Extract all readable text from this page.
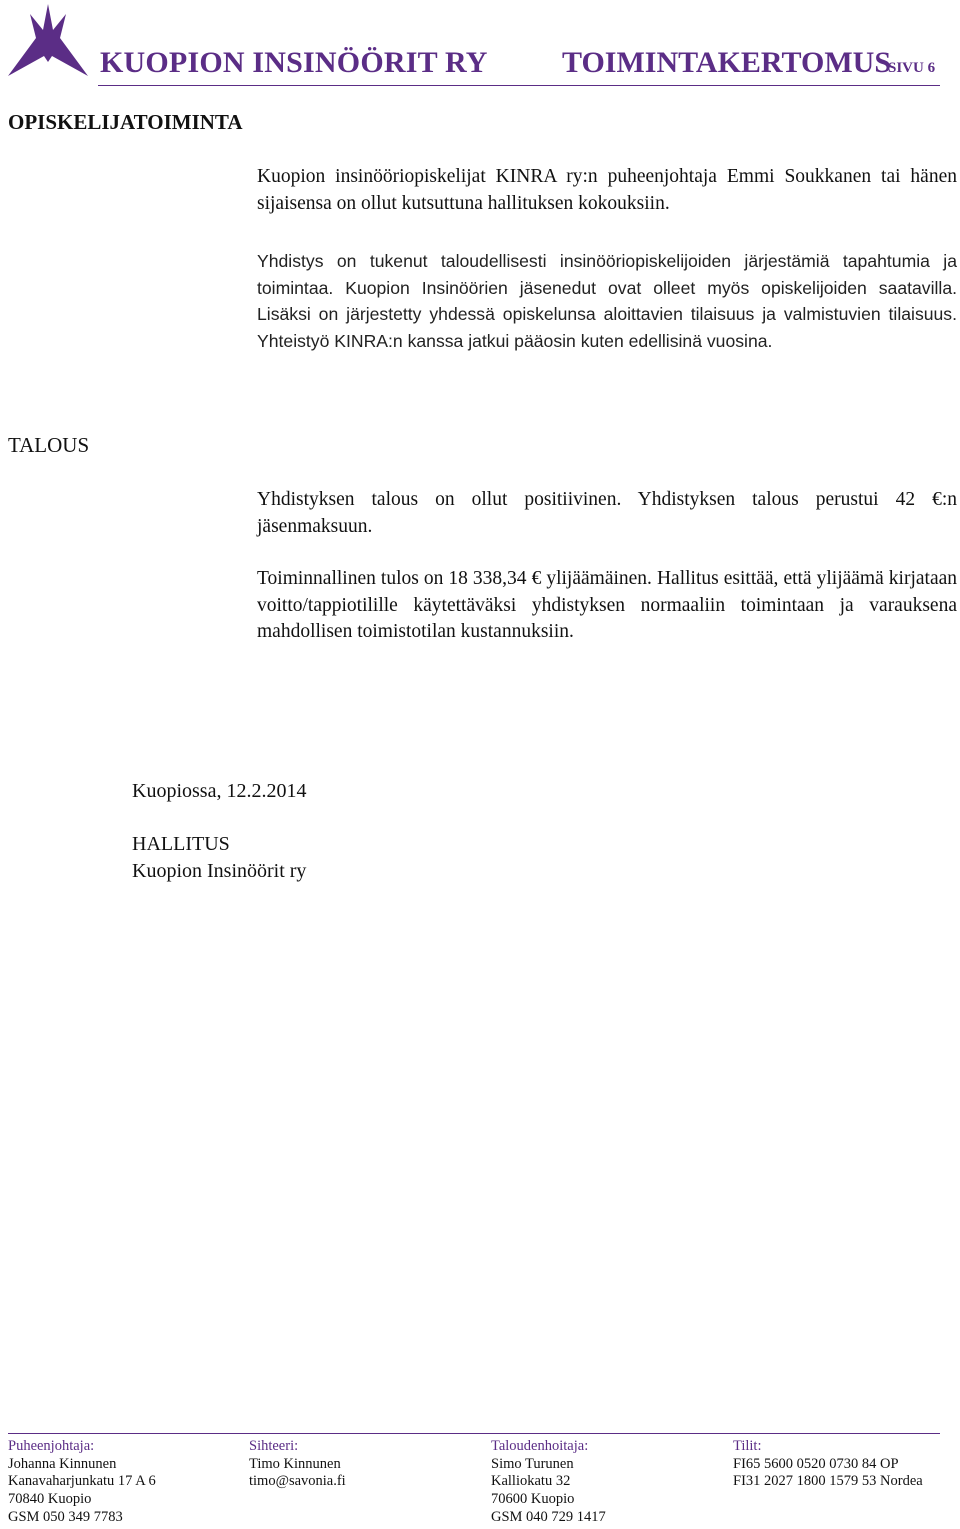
KUOPION INSINÖÖRIT RY TOIMINTAKERTOMUS
SIVU 6
OPISKELIJATOIMINTA

Kuopion insinööriopiskelijat KINRA ry:n puheenjohtaja Emmi Soukkanen tai hänen sijaisensa on ollut kutsuttuna hallituksen kokouksiin.

Yhdistys on tukenut taloudellisesti insinööriopiskelijoiden järjestämiä tapahtumia ja toimintaa. Kuopion Insinöörien jäsenedut ovat olleet myös opiskelijoiden saatavilla. Lisäksi on järjestetty yhdessä opiskelunsa aloittavien tilaisuus ja valmistuvien tilaisuus. Yhteistyö KINRA:n kanssa jatkui pääosin kuten edellisinä vuosina.

TALOUS

Yhdistyksen talous on ollut positiivinen. Yhdistyksen talous perustui 42 €:n jäsenmaksuun.

Toiminnallinen tulos on 18 338,34 € ylijäämäinen. Hallitus esittää, että ylijäämä kirjataan voitto/tappiotilille käytettäväksi yhdistyksen normaaliin toimintaan ja varauksena mahdollisen toimistotilan kustannuksiin.

Kuopiossa, 12.2.2014

HALLITUS

Kuopion Insinöörit ry

Puheenjohtaja:
Johanna Kinnunen
Kanavaharjunkatu 17 A 6
70840 Kuopio
GSM 050 349 7783
Sihteeri:
Timo Kinnunen
timo@savonia.fi
Taloudenhoitaja:
Simo Turunen
Kalliokatu 32
70600 Kuopio
GSM 040 729 1417
Tilit:
FI65 5600 0520 0730 84 OP
FI31 2027 1800 1579 53 Nordea
